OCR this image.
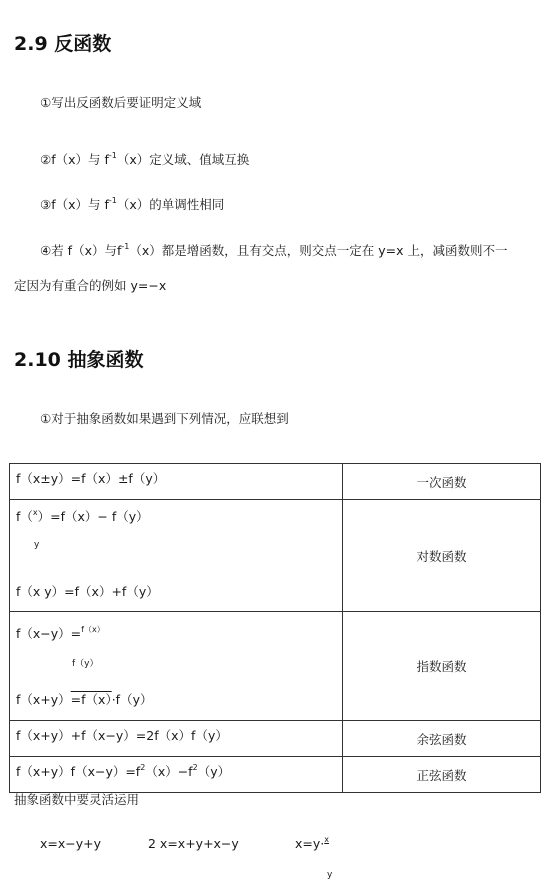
2.9 反函数
①写出反函数后要证明定义域
②f（x）与 $f^{-1}(x)$定义域、值域互换
③f（x）与 $f^{-1}(x)$的单调性相同
④若 f（x）与$f^{-1}(x)$都是增函数，且有交点，则交点一定在 y=x 上，减函数则不一
定因为有重合的例如 y=−x
2.10 抽象函数
①对于抽象函数如果遇到下列情况，应联想到
f（x±y）=f（x）±f（y）	一次函数

f（$^x$）=f（x）− f（y）
y
f（x y）=f（x）+f（y）	对数函数

f（x−y）=$^{f(x)}$
f（y）
f（x+y）=f（x）·f（y）	指数函数

f（x+y）+f（x−y）=2f（x）f（y）	余弦函数

$f(x+y)f(x-y)=f^2(x)-f^2(y)$	正弦函数
抽象函数中要灵活运用
x=x−y+y	2 x=x+y+x−y	x=y·$^x$
y
